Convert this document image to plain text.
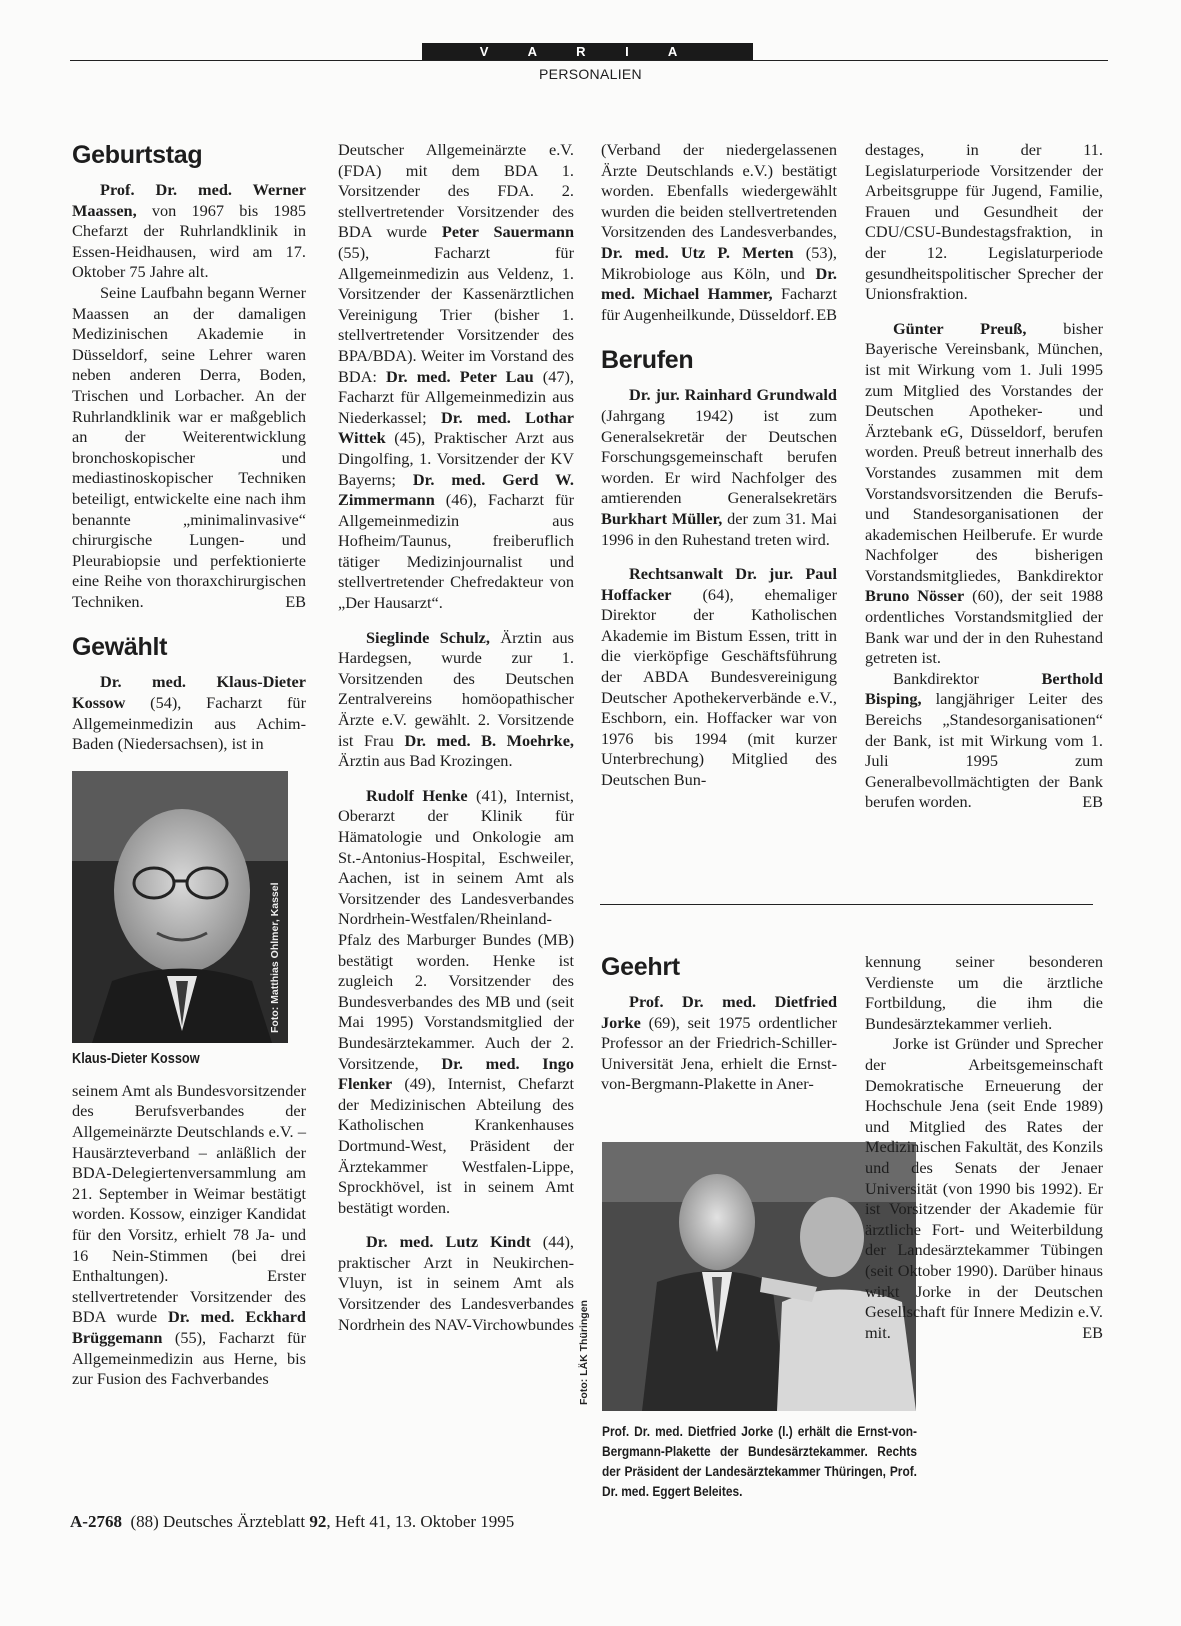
V A R I A
PERSONALIEN
Geburtstag

Prof. Dr. med. Werner Maassen, von 1967 bis 1985 Chefarzt der Ruhrlandklinik in Essen-Heidhausen, wird am 17. Oktober 75 Jahre alt.

Seine Laufbahn begann Werner Maassen an der damaligen Medizinischen Akademie in Düsseldorf, seine Lehrer waren neben anderen Derra, Boden, Trischen und Lorbacher. An der Ruhrlandklinik war er maßgeblich an der Weiterentwicklung bronchoskopischer und mediastinoskopischer Techniken beteiligt, entwickelte eine nach ihm benannte „minimalinvasive“ chirurgische Lungen- und Pleurabiopsie und perfektionierte eine Reihe von thoraxchirurgischen Techniken.	EB

Gewählt

Dr. med. Klaus-Dieter Kossow (54), Facharzt für Allgemeinmedizin aus Achim-Baden (Niedersachsen), ist in

Foto: Matthias Ohlmer, Kassel
Klaus-Dieter Kossow

seinem Amt als Bundesvorsitzender des Berufsverbandes der Allgemeinärzte Deutschlands e.V. – Hausärzteverband – anläßlich der BDA-Delegiertenversammlung am 21. September in Weimar bestätigt worden. Kossow, einziger Kandidat für den Vorsitz, erhielt 78 Ja- und 16 Nein-Stimmen (bei drei Enthaltungen). Erster stellvertretender Vorsitzender des BDA wurde Dr. med. Eckhard Brüggemann (55), Facharzt für Allgemeinmedizin aus Herne, bis zur Fusion des Fachverbandes

Deutscher Allgemeinärzte e.V. (FDA) mit dem BDA 1. Vorsitzender des FDA. 2. stellvertretender Vorsitzender des BDA wurde Peter Sauermann (55), Facharzt für Allgemeinmedizin aus Veldenz, 1. Vorsitzender der Kassenärztlichen Vereinigung Trier (bisher 1. stellvertretender Vorsitzender des BPA/BDA). Weiter im Vorstand des BDA: Dr. med. Peter Lau (47), Facharzt für Allgemeinmedizin aus Niederkassel; Dr. med. Lothar Wittek (45), Praktischer Arzt aus Dingolfing, 1. Vorsitzender der KV Bayerns; Dr. med. Gerd W. Zimmermann (46), Facharzt für Allgemeinmedizin aus Hofheim/Taunus, freiberuflich tätiger Medizinjournalist und stellvertretender Chefredakteur von „Der Hausarzt“.

Sieglinde Schulz, Ärztin aus Hardegsen, wurde zur 1. Vorsitzenden des Deutschen Zentralvereins homöopathischer Ärzte e.V. gewählt. 2. Vorsitzende ist Frau Dr. med. B. Moehrke, Ärztin aus Bad Krozingen.

Rudolf Henke (41), Internist, Oberarzt der Klinik für Hämatologie und Onkologie am St.-Antonius-Hospital, Eschweiler, Aachen, ist in seinem Amt als Vorsitzender des Landesverbandes Nordrhein-Westfalen/Rheinland-Pfalz des Marburger Bundes (MB) bestätigt worden. Henke ist zugleich 2. Vorsitzender des Bundesverbandes des MB und (seit Mai 1995) Vorstandsmitglied der Bundesärztekammer. Auch der 2. Vorsitzende, Dr. med. Ingo Flenker (49), Internist, Chefarzt der Medizinischen Abteilung des Katholischen Krankenhauses Dortmund-West, Präsident der Ärztekammer Westfalen-Lippe, Sprockhövel, ist in seinem Amt bestätigt worden.

Dr. med. Lutz Kindt (44), praktischer Arzt in Neukirchen-Vluyn, ist in seinem Amt als Vorsitzender des Landesverbandes Nordrhein des NAV-Virchowbundes

(Verband der niedergelassenen Ärzte Deutschlands e.V.) bestätigt worden. Ebenfalls wiedergewählt wurden die beiden stellvertretenden Vorsitzenden des Landesverbandes, Dr. med. Utz P. Merten (53), Mikrobiologe aus Köln, und Dr. med. Michael Hammer, Facharzt für Augenheilkunde, Düsseldorf. EB

Berufen

Dr. jur. Rainhard Grundwald (Jahrgang 1942) ist zum Generalsekretär der Deutschen Forschungsgemeinschaft berufen worden. Er wird Nachfolger des amtierenden Generalsekretärs Burkhart Müller, der zum 31. Mai 1996 in den Ruhestand treten wird.

Rechtsanwalt Dr. jur. Paul Hoffacker (64), ehemaliger Direktor der Katholischen Akademie im Bistum Essen, tritt in die vierköpfige Geschäftsführung der ABDA Bundesvereinigung Deutscher Apothekerverbände e.V., Eschborn, ein. Hoffacker war von 1976 bis 1994 (mit kurzer Unterbrechung) Mitglied des Deutschen Bun-

Geehrt

Prof. Dr. med. Dietfried Jorke (69), seit 1975 ordentlicher Professor an der Friedrich-Schiller-Universität Jena, erhielt die Ernst-von-Bergmann-Plakette in Aner-

Foto: LÄK Thüringen
Prof. Dr. med. Dietfried Jorke (l.) erhält die Ernst-von-Bergmann-Plakette der Bundesärztekammer. Rechts der Präsident der Landesärztekammer Thüringen, Prof. Dr. med. Eggert Beleites.

destages, in der 11. Legislaturperiode Vorsitzender der Arbeitsgruppe für Jugend, Familie, Frauen und Gesundheit der CDU/CSU-Bundestagsfraktion, in der 12. Legislaturperiode gesundheitspolitischer Sprecher der Unionsfraktion.

Günter Preuß, bisher Bayerische Vereinsbank, München, ist mit Wirkung vom 1. Juli 1995 zum Mitglied des Vorstandes der Deutschen Apotheker- und Ärztebank eG, Düsseldorf, berufen worden. Preuß betreut innerhalb des Vorstandes zusammen mit dem Vorstandsvorsitzenden die Berufs- und Standesorganisationen der akademischen Heilberufe. Er wurde Nachfolger des bisherigen Vorstandsmitgliedes, Bankdirektor Bruno Nösser (60), der seit 1988 ordentliches Vorstandsmitglied der Bank war und der in den Ruhestand getreten ist.

Bankdirektor Berthold Bisping, langjähriger Leiter des Bereichs „Standesorganisationen“ der Bank, ist mit Wirkung vom 1. Juli 1995 zum Generalbevollmächtigten der Bank berufen worden.	EB

kennung seiner besonderen Verdienste um die ärztliche Fortbildung, die ihm die Bundesärztekammer verlieh.

Jorke ist Gründer und Sprecher der Arbeitsgemeinschaft Demokratische Erneuerung der Hochschule Jena (seit Ende 1989) und Mitglied des Rates der Medizinischen Fakultät, des Konzils und des Senats der Jenaer Universität (von 1990 bis 1992). Er ist Vorsitzender der Akademie für ärztliche Fort- und Weiterbildung der Landesärztekammer Tübingen (seit Oktober 1990). Darüber hinaus wirkt Jorke in der Deutschen Gesellschaft für Innere Medizin e.V. mit.	EB

A-2768 (88) Deutsches Ärzteblatt 92, Heft 41, 13. Oktober 1995
